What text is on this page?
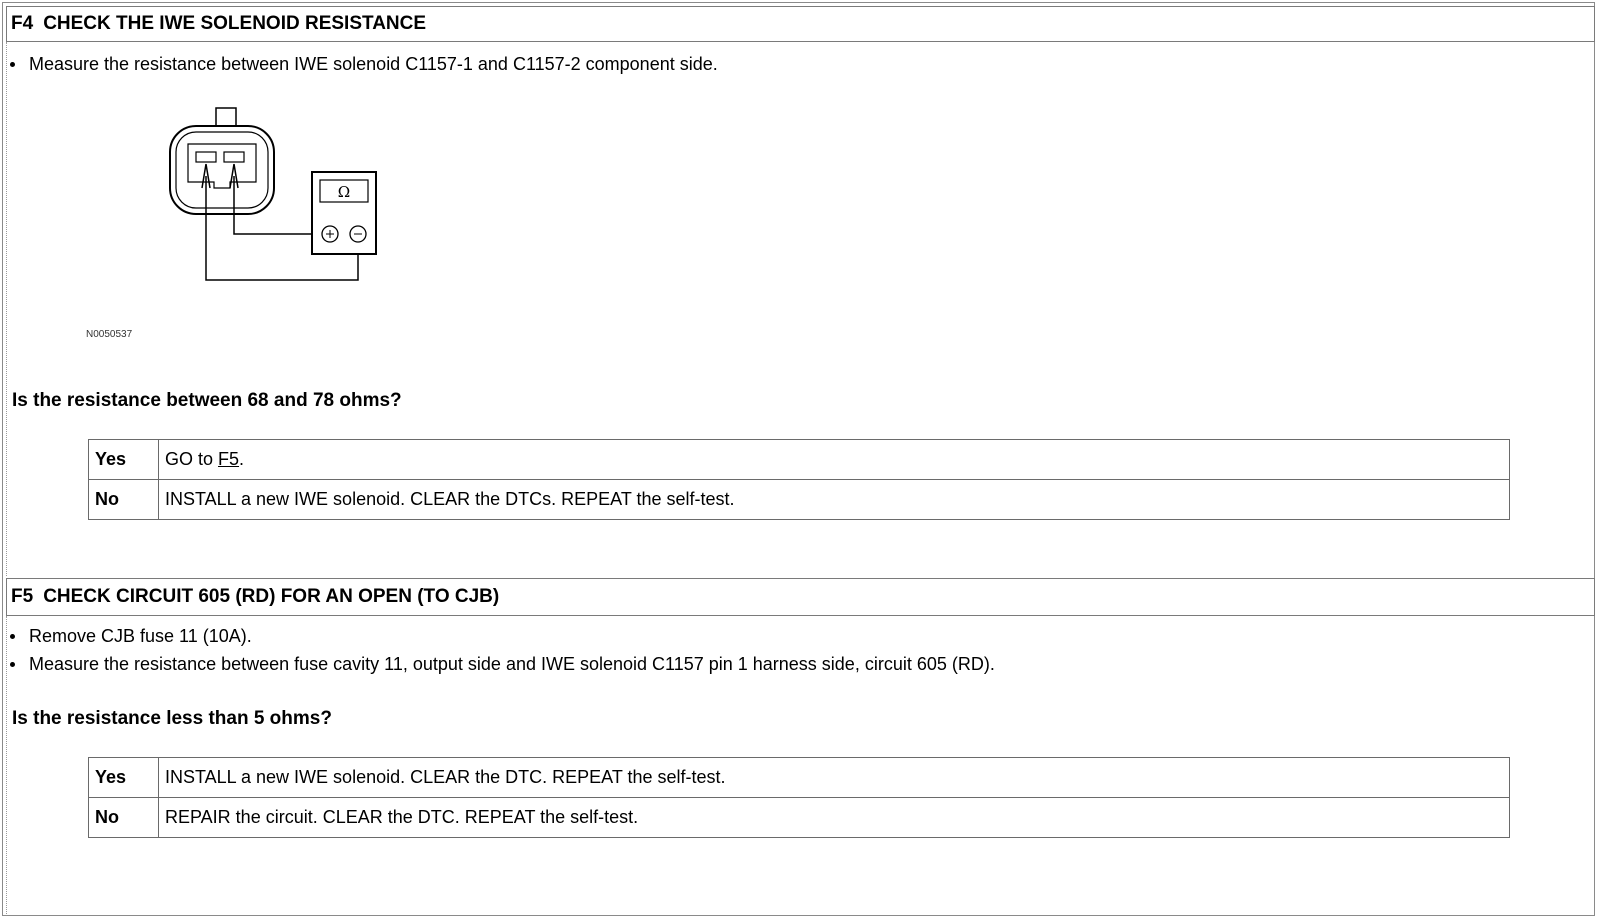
F4 CHECK THE IWE SOLENOID RESISTANCE
Measure the resistance between IWE solenoid C1157-1 and C1157-2 component side.
Ω
N0050537
Is the resistance between 68 and 78 ohms?
Yes	GO to F5.
No	INSTALL a new IWE solenoid. CLEAR the DTCs. REPEAT the self-test.
F5 CHECK CIRCUIT 605 (RD) FOR AN OPEN (TO CJB)
Remove CJB fuse 11 (10A).
Measure the resistance between fuse cavity 11, output side and IWE solenoid C1157 pin 1 harness side, circuit 605 (RD).
Is the resistance less than 5 ohms?
Yes	INSTALL a new IWE solenoid. CLEAR the DTC. REPEAT the self-test.
No	REPAIR the circuit. CLEAR the DTC. REPEAT the self-test.
